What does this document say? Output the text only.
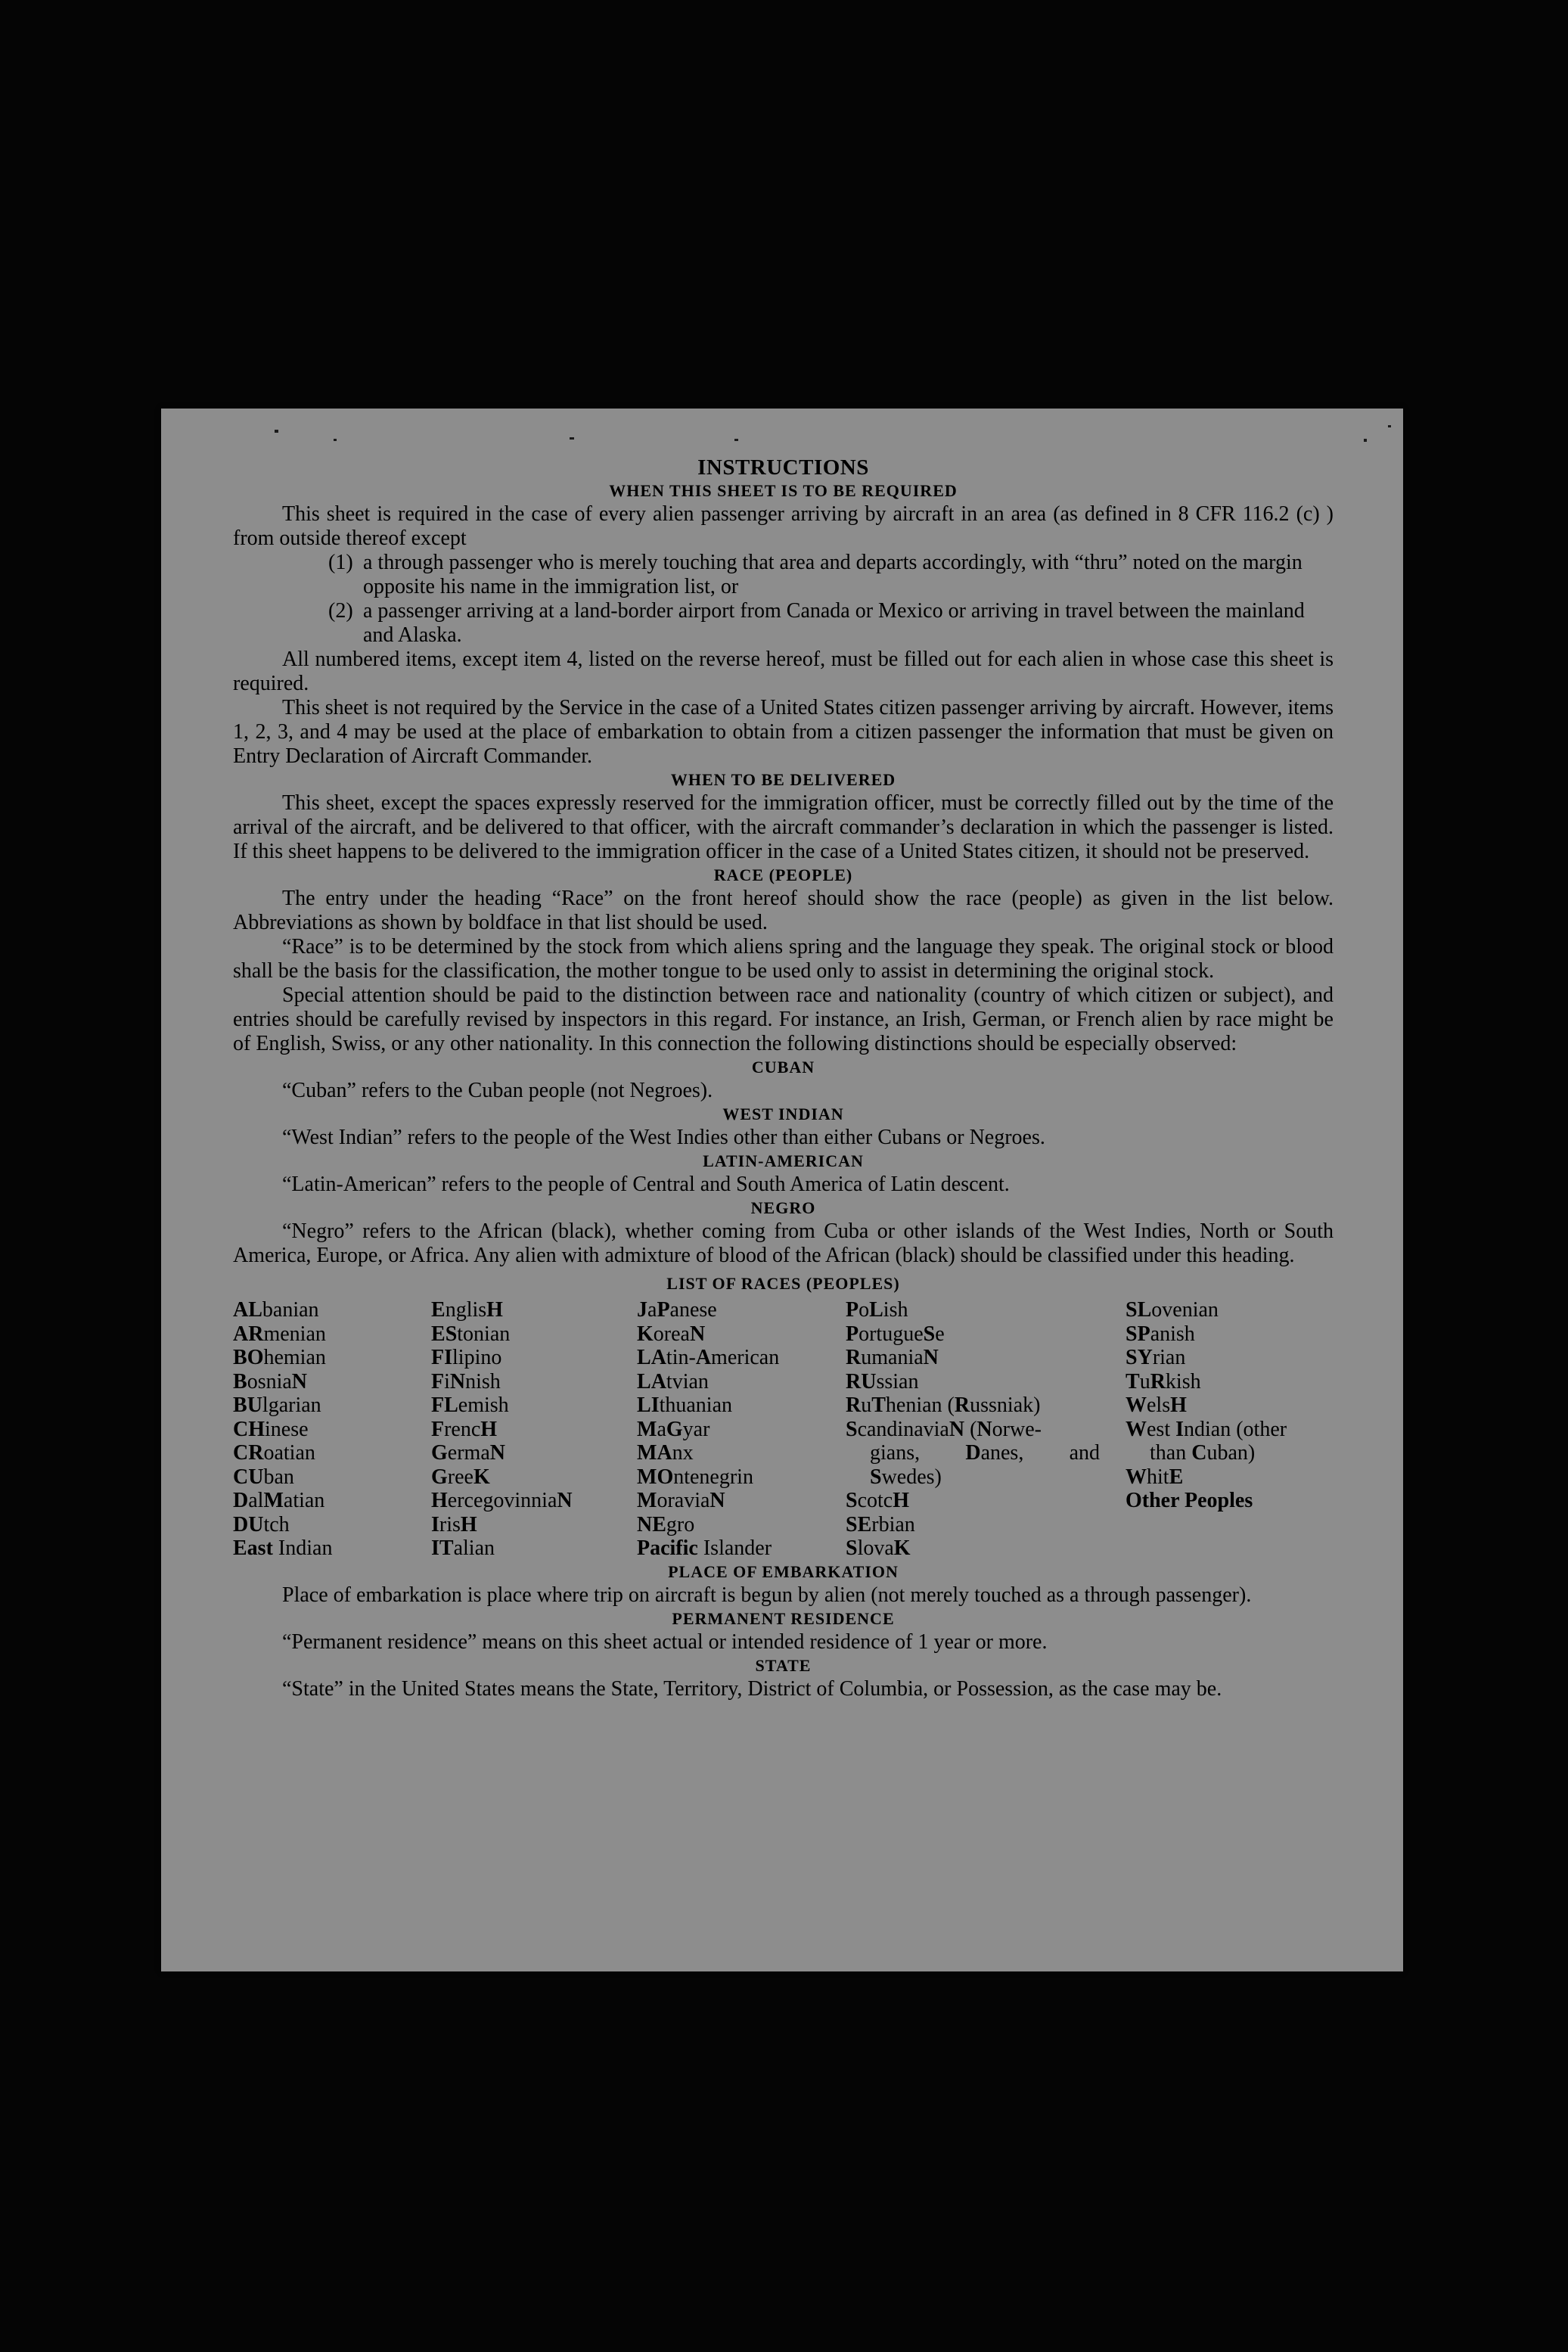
INSTRUCTIONS
WHEN THIS SHEET IS TO BE REQUIRED

This sheet is required in the case of every alien passenger arriving by aircraft in an area (as defined in 8 CFR 116.2 (c) ) from outside thereof except

(1) a through passenger who is merely touching that area and departs accordingly, with “thru” noted on the margin opposite his name in the immigration list, or
(2) a passenger arriving at a land-border airport from Canada or Mexico or arriving in travel between the mainland and Alaska.

All numbered items, except item 4, listed on the reverse hereof, must be filled out for each alien in whose case this sheet is required.

This sheet is not required by the Service in the case of a United States citizen passenger arriving by aircraft. However, items 1, 2, 3, and 4 may be used at the place of embarkation to obtain from a citizen passenger the information that must be given on Entry Declaration of Aircraft Commander.

WHEN TO BE DELIVERED

This sheet, except the spaces expressly reserved for the immigration officer, must be correctly filled out by the time of the arrival of the aircraft, and be delivered to that officer, with the aircraft commander’s declaration in which the passenger is listed. If this sheet happens to be delivered to the immigration officer in the case of a United States citizen, it should not be preserved.

RACE (PEOPLE)

The entry under the heading “Race” on the front hereof should show the race (people) as given in the list below. Abbreviations as shown by boldface in that list should be used.

“Race” is to be determined by the stock from which aliens spring and the language they speak. The original stock or blood shall be the basis for the classification, the mother tongue to be used only to assist in determining the original stock.

Special attention should be paid to the distinction between race and nationality (country of which citizen or subject), and entries should be carefully revised by inspectors in this regard. For instance, an Irish, German, or French alien by race might be of English, Swiss, or any other nationality. In this connection the following distinctions should be especially observed:

CUBAN

“Cuban” refers to the Cuban people (not Negroes).

WEST INDIAN

“West Indian” refers to the people of the West Indies other than either Cubans or Negroes.

LATIN-AMERICAN

“Latin-American” refers to the people of Central and South America of Latin descent.

NEGRO

“Negro” refers to the African (black), whether coming from Cuba or other islands of the West Indies, North or South America, Europe, or Africa. Any alien with admixture of blood of the African (black) should be classified under this heading.

LIST OF RACES (PEOPLES)
ALbanian
ARmenian
BOhemian
BosniaN
BUlgarian
CHinese
CRoatian
CUban
DalMatian
DUtch
East Indian
EnglisH
EStonian
FIlipino
FiNnish
FLemish
FrencH
GermaN
GreeK
HercegovinniaN
IrisH
ITalian
JaPanese
KoreaN
LAtin-American
LAtvian
LIthuanian
MaGyar
MAnx
MOntenegrin
MoraviaN
NEgro
Pacific Islander
PoLish
PortugueSe
RumaniaN
RUssian
RuThenian (Russniak)
ScandinaviaN (Norwe-
gians, Danes, and
Swedes)
ScotcH
SErbian
SlovaK
SLovenian
SPanish
SYrian
TuRkish
WelsH
West Indian (other
than Cuban)
WhitE
Other Peoples
PLACE OF EMBARKATION

Place of embarkation is place where trip on aircraft is begun by alien (not merely touched as a through passenger).

PERMANENT RESIDENCE

“Permanent residence” means on this sheet actual or intended residence of 1 year or more.

STATE

“State” in the United States means the State, Territory, District of Columbia, or Possession, as the case may be.
